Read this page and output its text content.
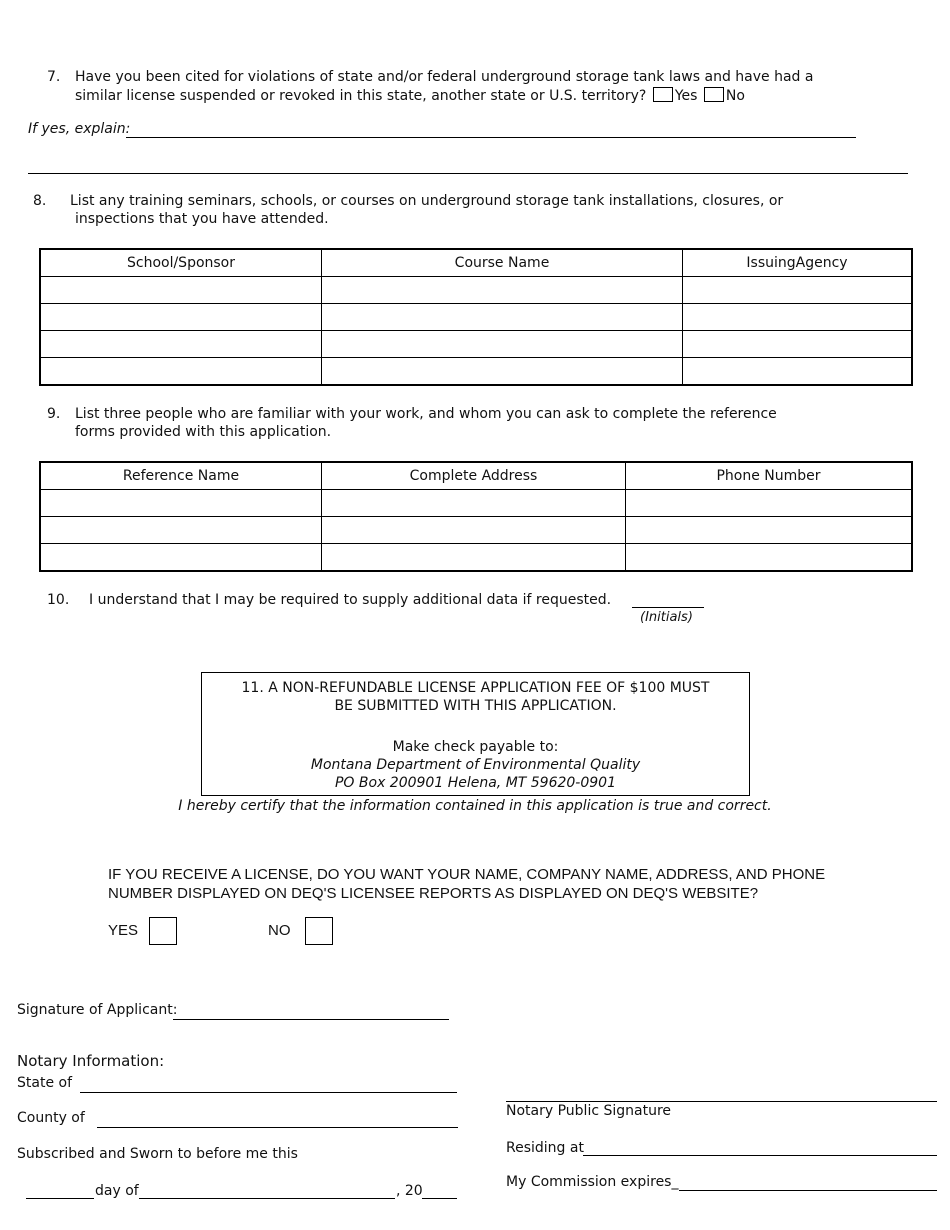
7. Have you been cited for violations of state and/or federal underground storage tank laws and have had a
similar license suspended or revoked in this state, another state or U.S. territory? Yes No
If yes, explain:
8. List any training seminars, schools, or courses on underground storage tank installations, closures, or
inspections that you have attended.
School/Sponsor	Course Name	IssuingAgency

9. List three people who are familiar with your work, and whom you can ask to complete the reference
forms provided with this application.
Reference Name	Complete Address	Phone Number

10. I understand that I may be required to supply additional data if requested.
(Initials)
11. A NON-REFUNDABLE LICENSE APPLICATION FEE OF $100 MUST
BE SUBMITTED WITH THIS APPLICATION.
Make check payable to:
Montana Department of Environmental Quality
PO Box 200901 Helena, MT 59620-0901
I hereby certify that the information contained in this application is true and correct.
IF YOU RECEIVE A LICENSE, DO YOU WANT YOUR NAME, COMPANY NAME, ADDRESS, AND PHONE
NUMBER DISPLAYED ON DEQ'S LICENSEE REPORTS AS DISPLAYED ON DEQ'S WEBSITE?
YES	NO
Signature of Applicant:
Notary Information:
State of
County of
Subscribed and Sworn to before me this
day of	, 20
Notary Public Signature
Residing at
My Commission expires_
